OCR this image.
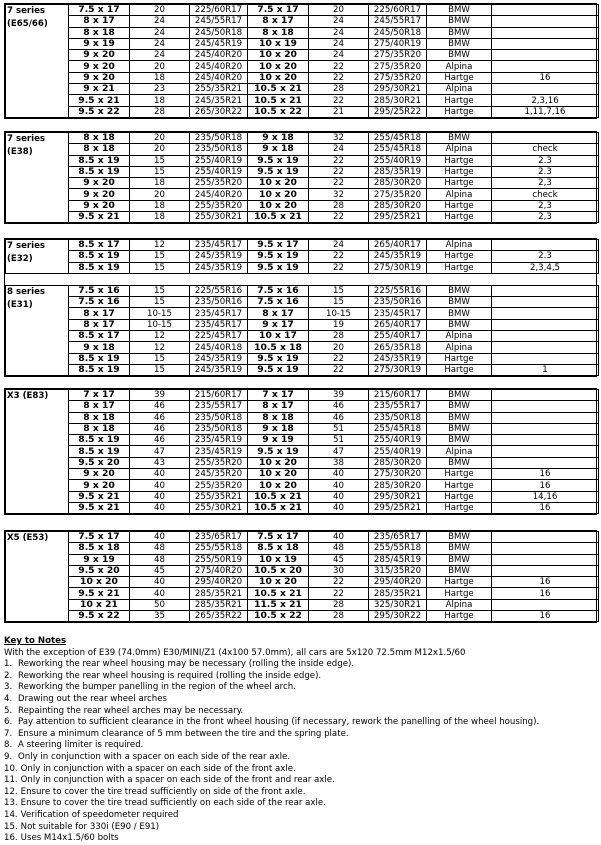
7 series
(E65/66)	7.5 x 17	20	225/60R17	7.5 x 17	20	225/60R17	BMW	
	8 x 17	24	245/55R17	8 x 17	24	245/55R17	BMW	
	8 x 18	24	245/50R18	8 x 18	24	245/50R18	BMW	
	9 x 19	24	245/45R19	10 x 19	24	275/40R19	BMW	
	9 x 20	24	245/40R20	10 x 20	24	275/35R20	BMW	
	9 x 20	20	245/40R20	10 x 20	22	275/35R20	Alpina	
	9 x 20	18	245/40R20	10 x 20	22	275/35R20	Hartge	16
	9 x 21	23	255/35R21	10.5 x 21	28	295/30R21	Alpina	
	9.5 x 21	18	245/35R21	10.5 x 21	22	285/30R21	Hartge	2,3,16
	9.5 x 22	28	265/30R22	10.5 x 22	21	295/25R22	Hartge	1,11,7,16
7 series
(E38)	8 x 18	20	235/50R18	9 x 18	32	255/45R18	BMW	
	8 x 18	20	235/50R18	9 x 18	24	255/45R18	Alpina	check
	8.5 x 19	15	255/40R19	9.5 x 19	22	255/40R19	Hartge	2.3
	8.5 x 19	15	255/40R19	9.5 x 19	22	285/35R19	Hartge	2.3
	9 x 20	18	255/35R20	10 x 20	22	285/30R20	Hartge	2,3
	9 x 20	20	245/40R20	10 x 20	32	275/35R20	Alpina	check
	9 x 20	18	255/35R20	10 x 20	28	285/30R20	Hartge	2,3
	9.5 x 21	18	255/30R21	10.5 x 21	22	295/25R21	Hartge	2,3
7 series
(E32)	8.5 x 17	12	235/45R17	9.5 x 17	24	265/40R17	Alpina	
	8.5 x 19	15	245/35R19	9.5 x 19	22	245/35R19	Hartge	2.3
	8.5 x 19	15	245/35R19	9.5 x 19	22	275/30R19	Hartge	2,3,4,5

8 series
(E31)	7.5 x 16	15	225/55R16	7.5 x 16	15	225/55R16	BMW	
	7.5 x 16	15	235/50R16	7.5 x 16	15	235/50R16	BMW	
	8 x 17	10-15	235/45R17	8 x 17	10-15	235/45R17	BMW	
	8 x 17	10-15	235/45R17	9 x 17	19	265/40R17	BMW	
	8.5 x 17	12	225/45R17	10 x 17	28	255/40R17	Alpina	
	9 x 18	12	245/40R18	10.5 x 18	20	265/35R18	Alpina	
	8.5 x 19	15	245/35R19	9.5 x 19	22	245/35R19	Hartge	
	8.5 x 19	15	245/35R19	9.5 x 19	22	275/30R19	Hartge	1
X3 (E83)	7 x 17	39	215/60R17	7 x 17	39	215/60R17	BMW	
	8 x 17	46	235/55R17	8 x 17	46	235/55R17	BMW	
	8 x 18	46	235/50R18	8 x 18	46	235/50R18	BMW	
	8 x 18	46	235/50R18	9 x 18	51	255/45R18	BMW	
	8.5 x 19	46	235/45R19	9 x 19	51	255/40R19	BMW	
	8.5 x 19	47	235/45R19	9.5 x 19	47	255/40R19	Alpina	
	9.5 x 20	43	255/35R20	10 x 20	38	285/30R20	BMW	
	9 x 20	40	245/35R20	10 x 20	40	275/30R20	Hartge	16
	9 x 20	40	255/35R20	10 x 20	40	285/30R20	Hartge	16
	9.5 x 21	40	255/35R21	10.5 x 21	40	295/30R21	Hartge	14,16
	9.5 x 21	40	255/30R21	10.5 x 21	40	295/25R21	Hartge	16
X5 (E53)	7.5 x 17	40	235/65R17	7.5 x 17	40	235/65R17	BMW	
	8.5 x 18	48	255/55R18	8.5 x 18	48	255/55R18	BMW	
	9 x 19	48	255/50R19	10 x 19	45	285/45R19	BMW	
	9.5 x 20	45	275/40R20	10.5 x 20	30	315/35R20	BMW	
	10 x 20	40	295/40R20	10 x 20	22	295/40R20	Hartge	16
	9.5 x 21	40	285/35R21	10.5 x 21	22	285/35R21	Hartge	16
	10 x 21	50	285/35R21	11.5 x 21	28	325/30R21	Alpina	
	9.5 x 22	35	265/35R22	10.5 x 22	28	295/30R22	Hartge	16
Key to Notes
With the exception of E39 (74.0mm) E30/MINI/Z1 (4x100 57.0mm), all cars are 5x120 72.5mm M12x1.5/60
1. Reworking the rear wheel housing may be necessary (rolling the inside edge).
2. Reworking the rear wheel housing is required (rolling the inside edge).
3. Reworking the bumper panelling in the region of the wheel arch.
4. Drawing out the rear wheel arches
5. Repainting the rear wheel arches may be necessary.
6. Pay attention to sufficient clearance in the front wheel housing (if necessary, rework the panelling of the wheel housing).
7. Ensure a minimum clearance of 5 mm between the tire and the spring plate.
8. A steering limiter is required.
9. Only in conjunction with a spacer on each side of the rear axle.
10. Only in conjunction with a spacer on each side of the front axle.
11. Only in conjunction with a spacer on each side of the front and rear axle.
12. Ensure to cover the tire tread sufficiently on side of the front axle.
13. Ensure to cover the tire tread sufficiently on each side of the rear axle.
14. Verification of speedometer required
15. Not suitable for 330i (E90 / E91)
16. Uses M14x1.5/60 bolts
